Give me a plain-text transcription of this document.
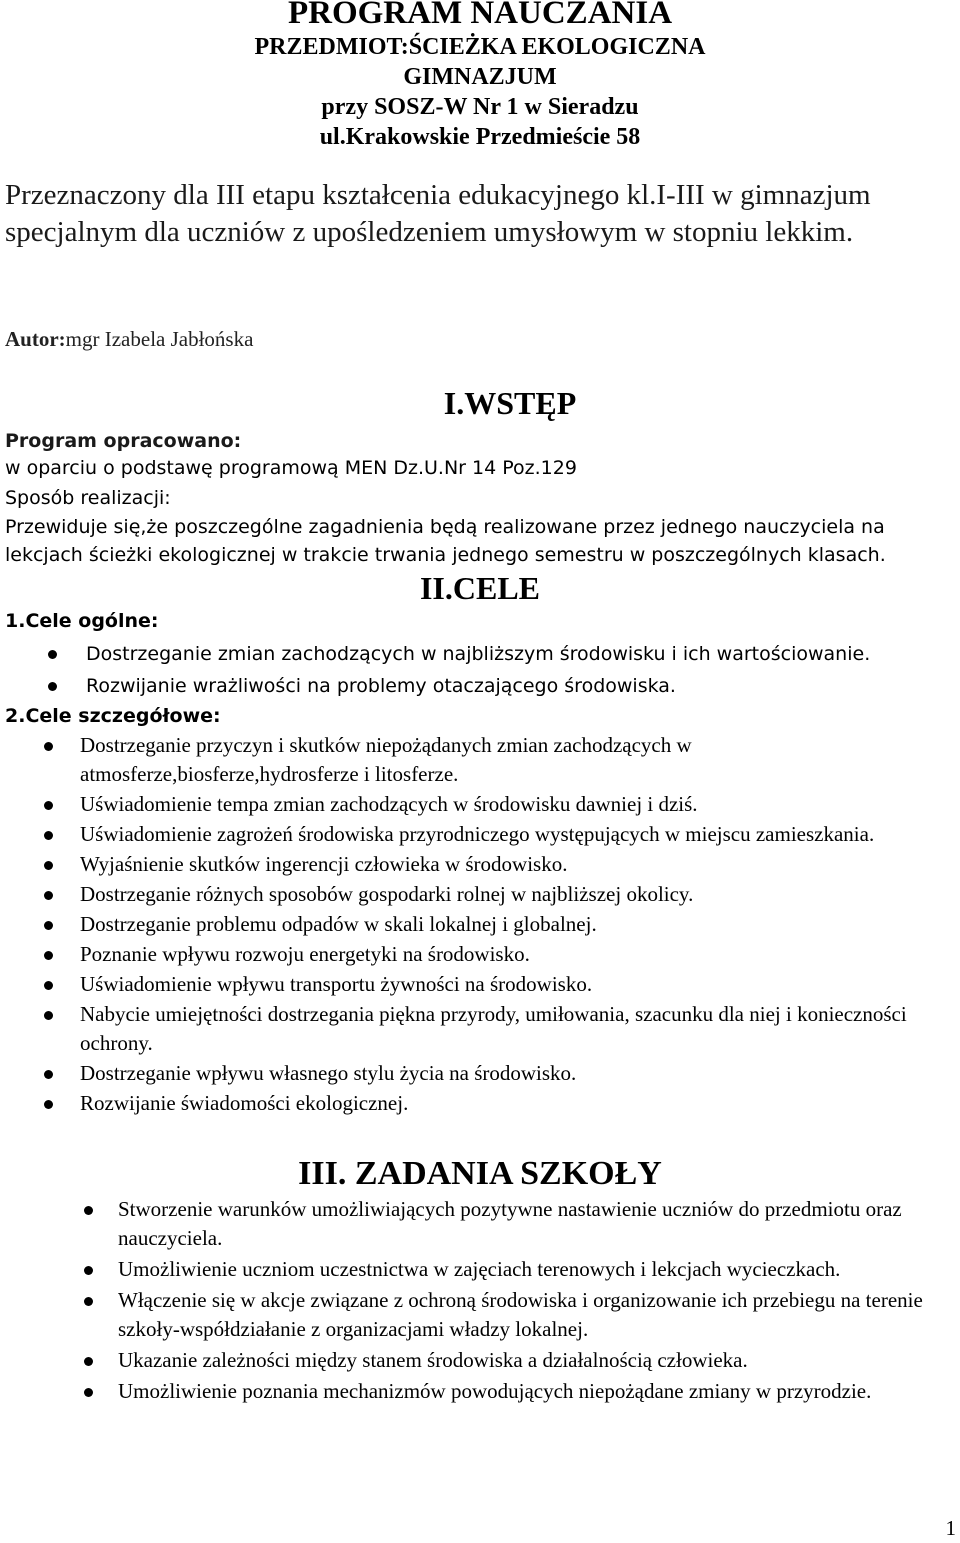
PROGRAM NAUCZANIA

PRZEDMIOT:ŚCIEŻKA EKOLOGICZNA

GIMNAZJUM

przy SOSZ-W Nr 1 w Sieradzu

ul.Krakowskie Przedmieście 58

Przeznaczony dla III etapu kształcenia edukacyjnego kl.I-III w gimnazjum specjalnym dla uczniów z upośledzeniem umysłowym w stopniu lekkim.

Autor:mgr Izabela Jabłońska

I.WSTĘP

Program opracowano:

w oparciu o podstawę programową MEN Dz.U.Nr 14 Poz.129

Sposób realizacji:

Przewiduje się,że poszczególne zagadnienia będą realizowane przez jednego nauczyciela na lekcjach ścieżki ekologicznej w trakcie trwania jednego semestru w poszczególnych klasach.

II.CELE

1.Cele ogólne:

Dostrzeganie zmian zachodzących w najbliższym środowisku i ich wartościowanie.
Rozwijanie wrażliwości na problemy otaczającego środowiska.

2.Cele szczegółowe:

Dostrzeganie przyczyn i skutków niepożądanych zmian zachodzących w atmosferze,biosferze,hydrosferze i litosferze.
Uświadomienie tempa zmian zachodzących w środowisku dawniej i dziś.
Uświadomienie zagrożeń środowiska przyrodniczego występujących w miejscu zamieszkania.
Wyjaśnienie skutków ingerencji człowieka w środowisko.
Dostrzeganie różnych sposobów gospodarki rolnej w najbliższej okolicy.
Dostrzeganie problemu odpadów w skali lokalnej i globalnej.
Poznanie wpływu rozwoju energetyki na środowisko.
Uświadomienie wpływu transportu żywności na środowisko.
Nabycie umiejętności dostrzegania piękna przyrody, umiłowania, szacunku dla niej i konieczności ochrony.
Dostrzeganie wpływu własnego stylu życia na środowisko.
Rozwijanie świadomości ekologicznej.
III. ZADANIA SZKOŁY
Stworzenie warunków umożliwiających pozytywne nastawienie uczniów do przedmiotu oraz nauczyciela.
Umożliwienie uczniom uczestnictwa w zajęciach terenowych i lekcjach wycieczkach.
Włączenie się w akcje związane z ochroną środowiska i organizowanie ich przebiegu na terenie szkoły-współdziałanie z organizacjami władzy lokalnej.
Ukazanie zależności między stanem środowiska a działalnością człowieka.
Umożliwienie poznania mechanizmów powodujących niepożądane zmiany w przyrodzie.

1
